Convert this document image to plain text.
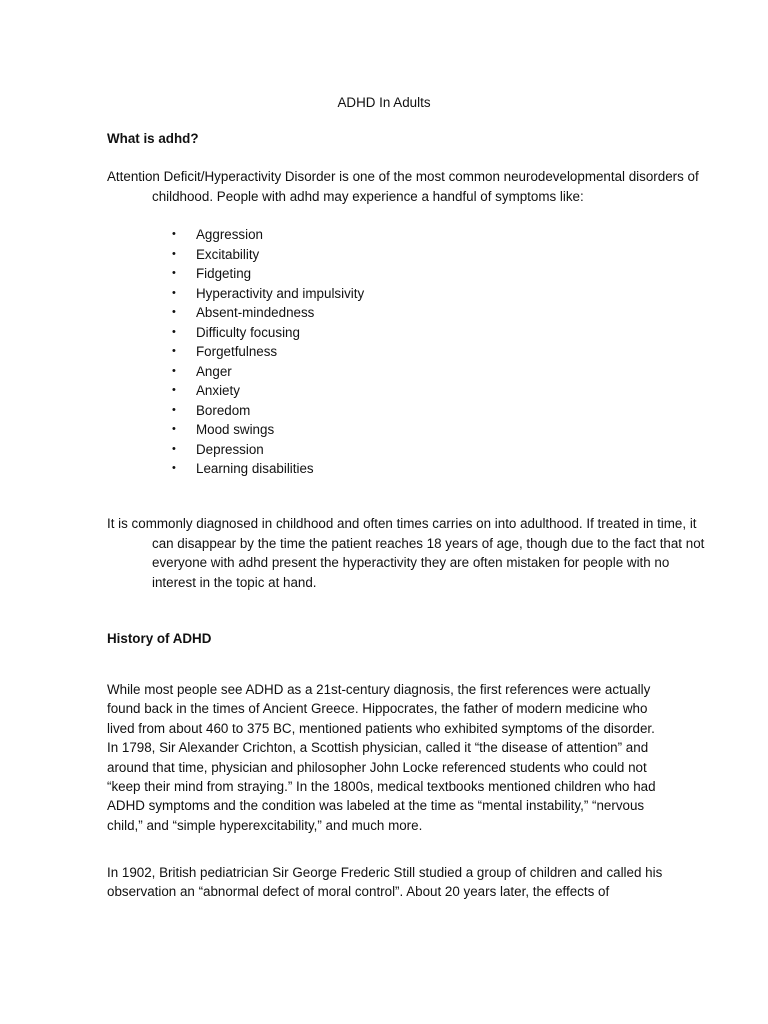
ADHD In Adults
What is adhd?

Attention Deficit/Hyperactivity Disorder is one of the most common neurodevelopmental disorders of childhood. People with adhd may experience a handful of symptoms like:

• Aggression
• Excitability
• Fidgeting
• Hyperactivity and impulsivity
• Absent-mindedness
• Difficulty focusing
• Forgetfulness
• Anger
• Anxiety
• Boredom
• Mood swings
• Depression
• Learning disabilities

It is commonly diagnosed in childhood and often times carries on into adulthood. If treated in time, it can disappear by the time the patient reaches 18 years of age, though due to the fact that not everyone with adhd present the hyperactivity they are often mistaken for people with no interest in the topic at hand.

History of ADHD

While most people see ADHD as a 21st-century diagnosis, the first references were actually found back in the times of Ancient Greece. Hippocrates, the father of modern medicine who lived from about 460 to 375 BC, mentioned patients who exhibited symptoms of the disorder. In 1798, Sir Alexander Crichton, a Scottish physician, called it “the disease of attention” and around that time, physician and philosopher John Locke referenced students who could not “keep their mind from straying.” In the 1800s, medical textbooks mentioned children who had ADHD symptoms and the condition was labeled at the time as “mental instability,” “nervous child,” and “simple hyperexcitability,” and much more.

In 1902, British pediatrician Sir George Frederic Still studied a group of children and called his observation an “abnormal defect of moral control”. About 20 years later, the effects of
